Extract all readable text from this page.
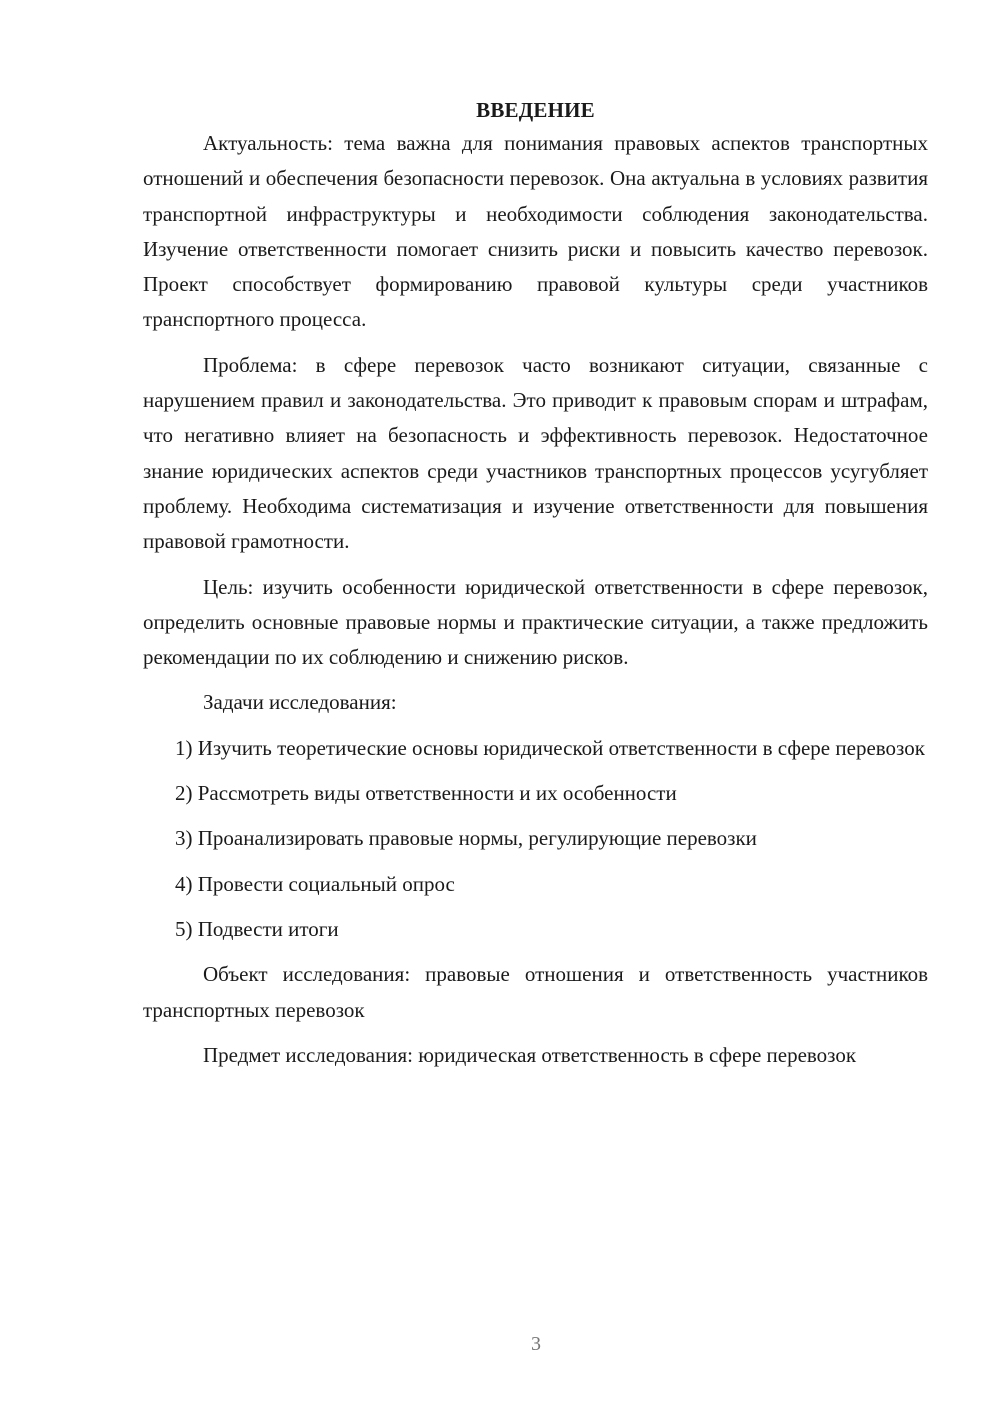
ВВЕДЕНИЕ

Актуальность: тема важна для понимания правовых аспектов транспортных отношений и обеспечения безопасности перевозок. Она актуальна в условиях развития транспортной инфраструктуры и необходимости соблюдения законодательства. Изучение ответственности помогает снизить риски и повысить качество перевозок. Проект способствует формированию правовой культуры среди участников транспортного процесса.

Проблема: в сфере перевозок часто возникают ситуации, связанные с нарушением правил и законодательства. Это приводит к правовым спорам и штрафам, что негативно влияет на безопасность и эффективность перевозок. Недостаточное знание юридических аспектов среди участников транспортных процессов усугубляет проблему. Необходима систематизация и изучение ответственности для повышения правовой грамотности.

Цель: изучить особенности юридической ответственности в сфере перевозок, определить основные правовые нормы и практические ситуации, а также предложить рекомендации по их соблюдению и снижению рисков.

Задачи исследования:

1) Изучить теоретические основы юридической ответственности в сфере перевозок

2) Рассмотреть виды ответственности и их особенности

3) Проанализировать правовые нормы, регулирующие перевозки

4) Провести социальный опрос

5) Подвести итоги

Объект исследования: правовые отношения и ответственность участников транспортных перевозок

Предмет исследования: юридическая ответственность в сфере перевозок

3
